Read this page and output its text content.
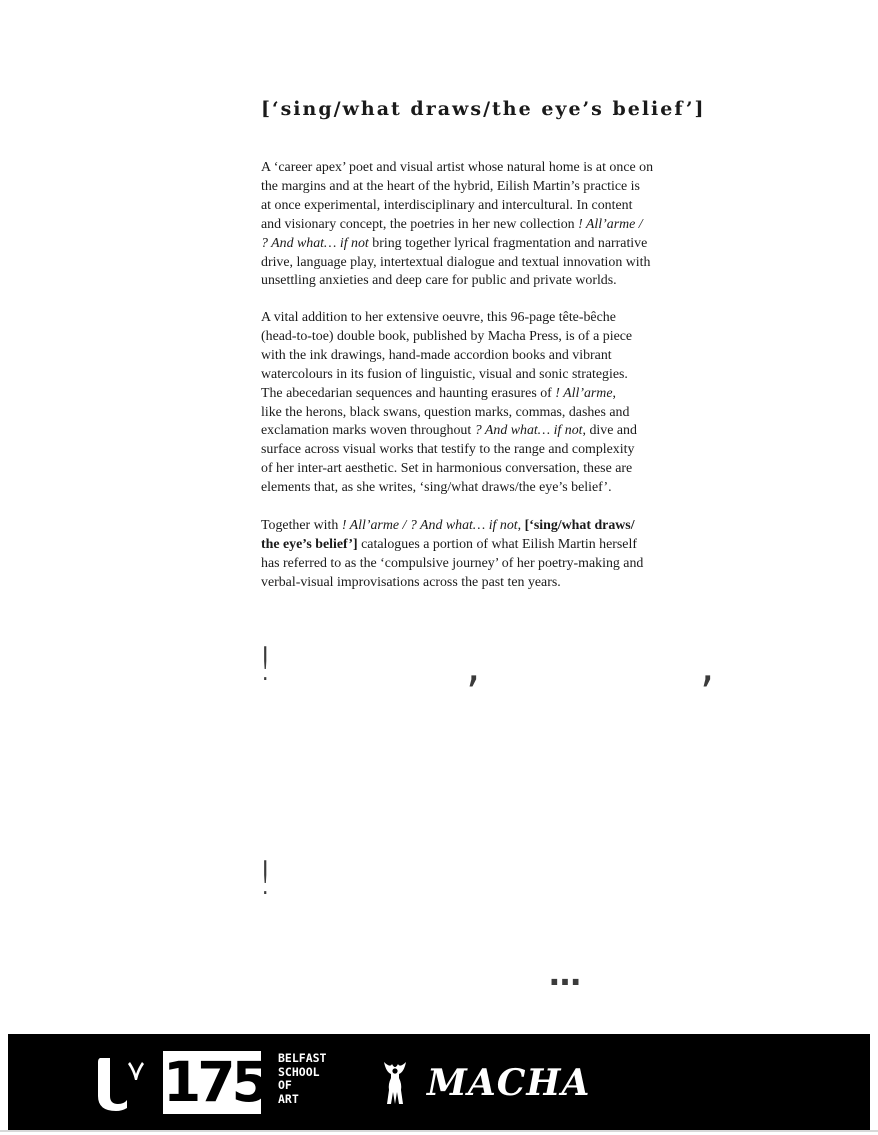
[‘sing/what draws/the eye’s belief’]
A ‘career apex’ poet and visual artist whose natural home is at once on
the margins and at the heart of the hybrid, Eilish Martin’s practice is
at once experimental, interdisciplinary and intercultural. In content
and visionary concept, the poetries in her new collection ! All’arme /
? And what… if not bring together lyrical fragmentation and narrative
drive, language play, intertextual dialogue and textual innovation with
unsettling anxieties and deep care for public and private worlds.
A vital addition to her extensive oeuvre, this 96-page tête-bêche
(head-to-toe) double book, published by Macha Press, is of a piece
with the ink drawings, hand-made accordion books and vibrant
watercolours in its fusion of linguistic, visual and sonic strategies.
The abecedarian sequences and haunting erasures of ! All’arme,
like the herons, black swans, question marks, commas, dashes and
exclamation marks woven throughout ? And what… if not, dive and
surface across visual works that testify to the range and complexity
of her inter-art aesthetic. Set in harmonious conversation, these are
elements that, as she writes, ‘sing/what draws/the eye’s belief’.
Together with ! All’arme / ? And what… if not, [‘sing/what draws/
the eye’s belief’] catalogues a portion of what Eilish Martin herself
has referred to as the ‘compulsive journey’ of her poetry-making and
verbal-visual improvisations across the past ten years.
!	,	,
!
…
175 BELFAST
SCHOOL
OF
ART	MACHA
